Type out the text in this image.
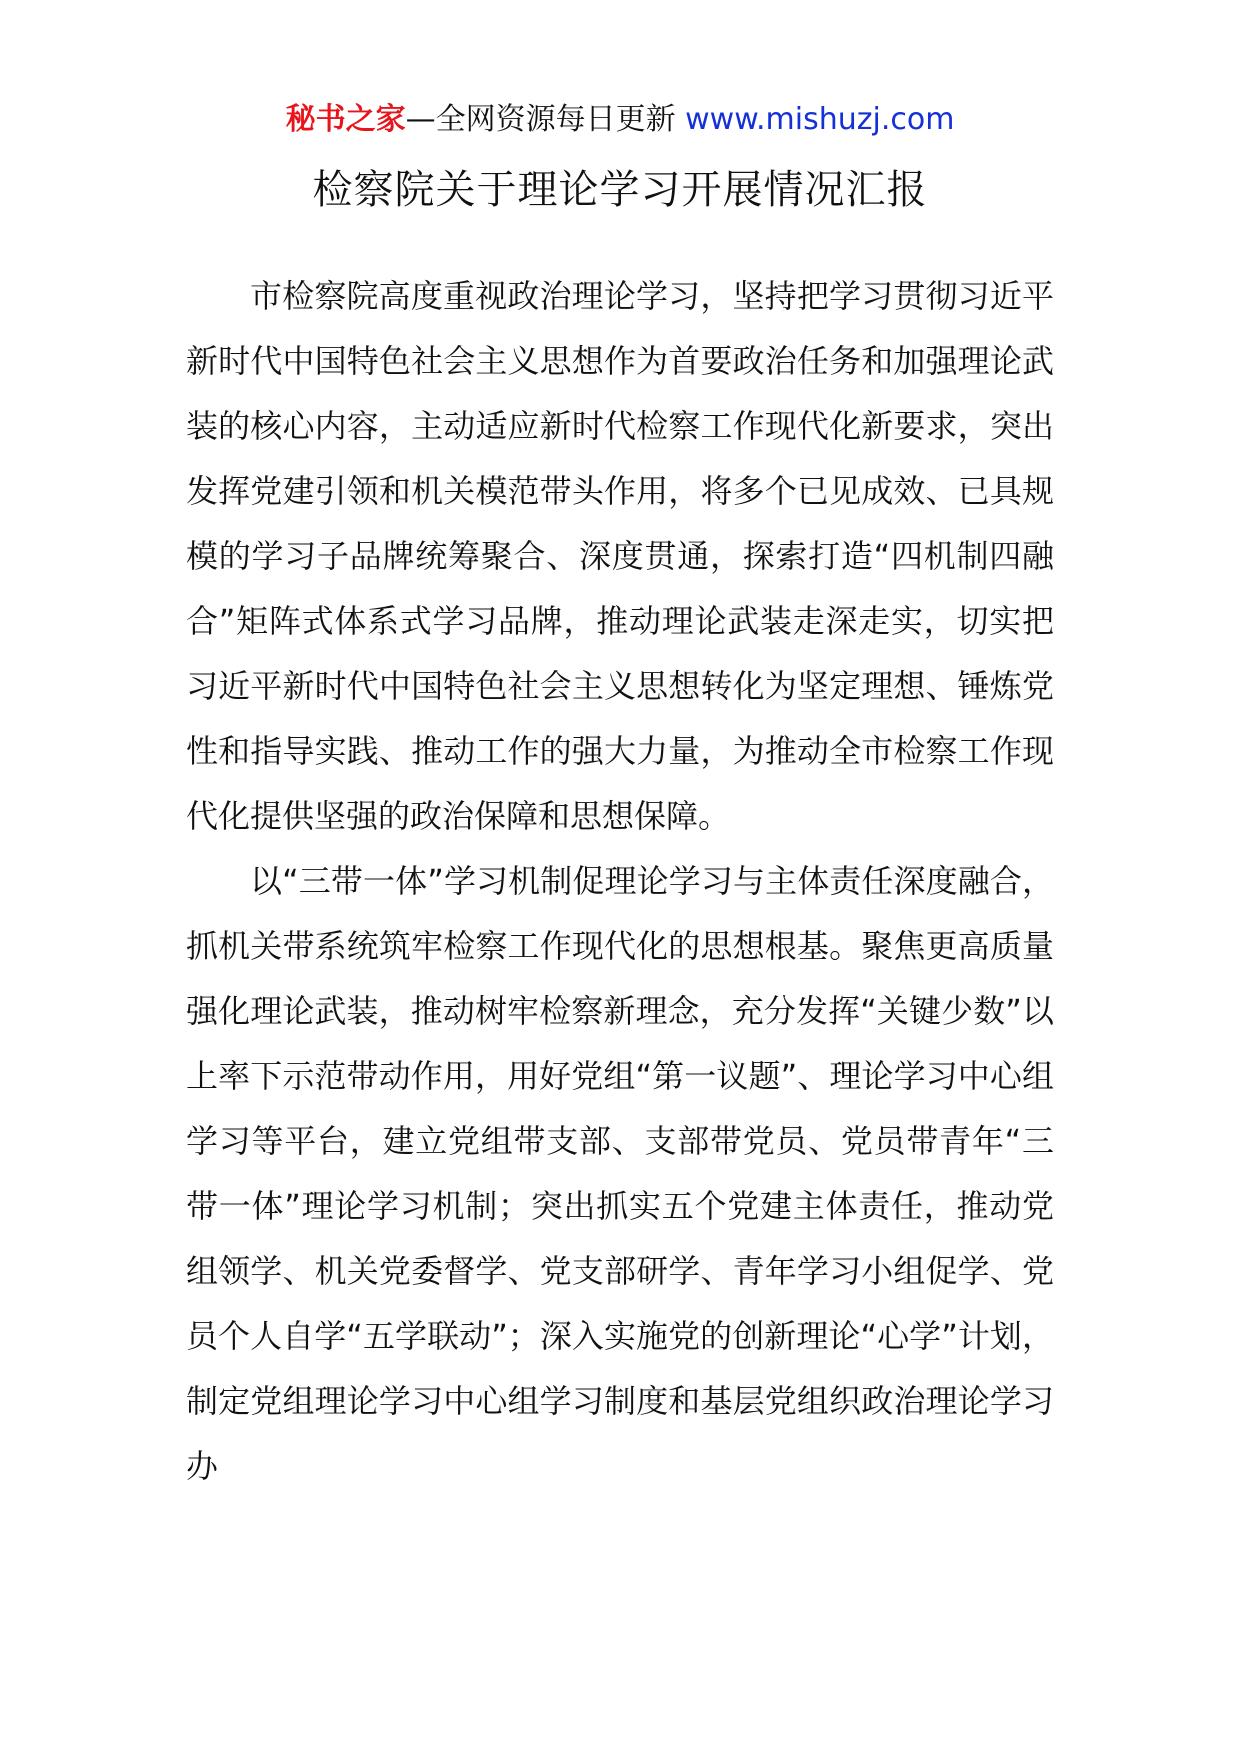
秘书之家—全网资源每日更新 www.mishuzj.com
检察院关于理论学习开展情况汇报

市检察院高度重视政治理论学习，坚持把学习贯彻习近平新时代中国特色社会主义思想作为首要政治任务和加强理论武装的核心内容，主动适应新时代检察工作现代化新要求，突出发挥党建引领和机关模范带头作用，将多个已见成效、已具规模的学习子品牌统筹聚合、深度贯通，探索打造“四机制四融合”矩阵式体系式学习品牌，推动理论武装走深走实，切实把习近平新时代中国特色社会主义思想转化为坚定理想、锤炼党性和指导实践、推动工作的强大力量，为推动全市检察工作现代化提供坚强的政治保障和思想保障。

以“三带一体”学习机制促理论学习与主体责任深度融合，抓机关带系统筑牢检察工作现代化的思想根基。聚焦更高质量强化理论武装，推动树牢检察新理念，充分发挥“关键少数”以上率下示范带动作用，用好党组“第一议题”、理论学习中心组学习等平台，建立党组带支部、支部带党员、党员带青年“三带一体”理论学习机制；突出抓实五个党建主体责任，推动党组领学、机关党委督学、党支部研学、青年学习小组促学、党员个人自学“五学联动”；深入实施党的创新理论“心学”计划，制定党组理论学习中心组学习制度和基层党组织政治理论学习办
